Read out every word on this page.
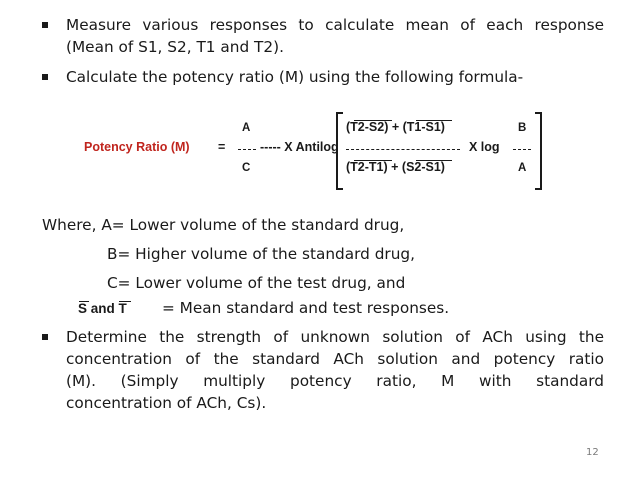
Measure various responses to calculate mean of each response
(Mean of S1, S2, T1 and T2).
Calculate the potency ratio (M) using the following formula-
Potency Ratio (M) =
A
C
----- X Antilog
(T2-S2) + (T1-S1)
(T2-T1) + (S2-S1)
X log
B
A
Where, A= Lower volume of the standard drug,
B= Higher volume of the standard drug,
C= Lower volume of the test drug, and
S and T = Mean standard and test responses.
Determine the strength of unknown solution of ACh using the
concentration of the standard ACh solution and potency ratio
(M). (Simply multiply potency ratio, M with standard
concentration of ACh, Cs).
12
